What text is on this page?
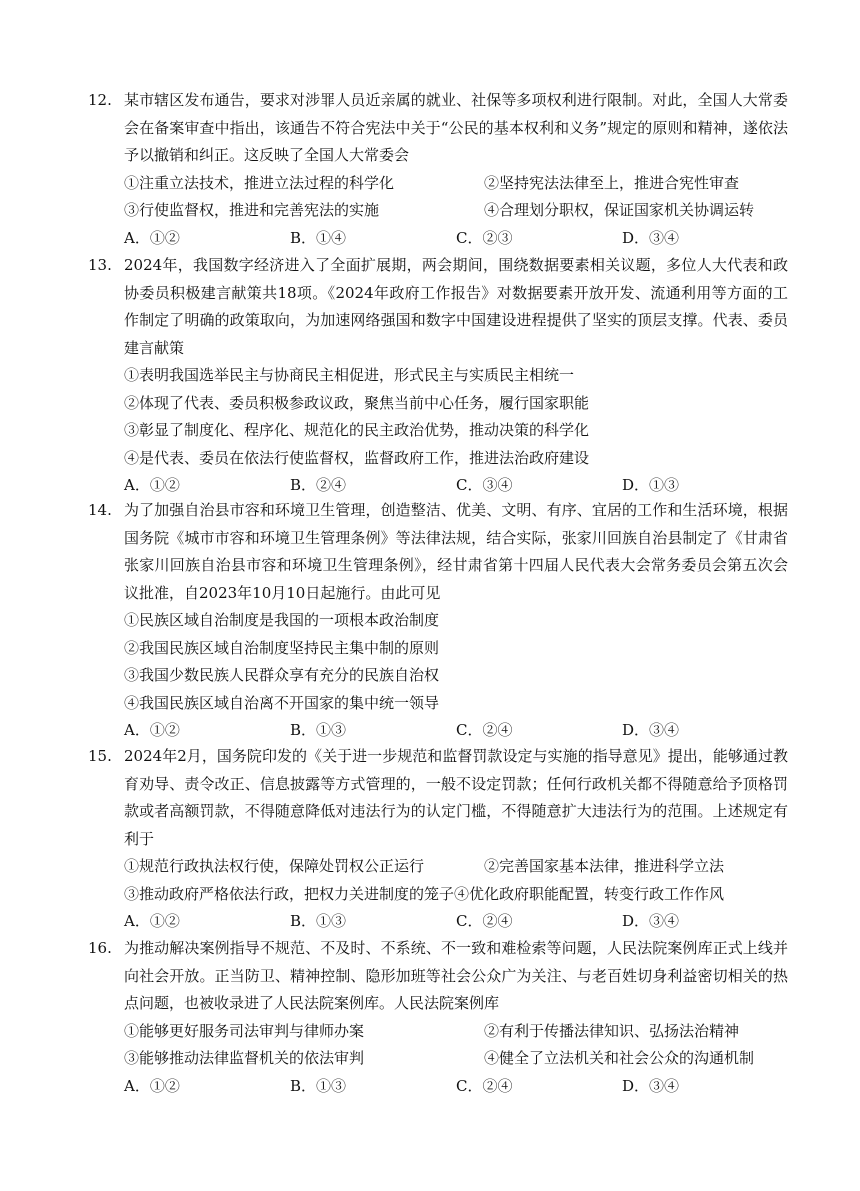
12. 某市辖区发布通告，要求对涉罪人员近亲属的就业、社保等多项权利进行限制。对此，全国人大常委会在备案审查中指出，该通告不符合宪法中关于“公民的基本权利和义务”规定的原则和精神，遂依法予以撤销和纠正。这反映了全国人大常委会
①注重立法技术，推进立法过程的科学化	②坚持宪法法律至上，推进合宪性审查
③行使监督权，推进和完善宪法的实施	④合理划分职权，保证国家机关协调运转
A．①②	B．①④	C．②③	D．③④
13. 2024年，我国数字经济进入了全面扩展期，两会期间，围绕数据要素相关议题，多位人大代表和政协委员积极建言献策共18项。《2024年政府工作报告》对数据要素开放开发、流通利用等方面的工作制定了明确的政策取向，为加速网络强国和数字中国建设进程提供了坚实的顶层支撑。代表、委员建言献策
①表明我国选举民主与协商民主相促进，形式民主与实质民主相统一
②体现了代表、委员积极参政议政，聚焦当前中心任务，履行国家职能
③彰显了制度化、程序化、规范化的民主政治优势，推动决策的科学化
④是代表、委员在依法行使监督权，监督政府工作，推进法治政府建设
A．①②	B．②④	C．③④	D．①③
14. 为了加强自治县市容和环境卫生管理，创造整洁、优美、文明、有序、宜居的工作和生活环境，根据国务院《城市市容和环境卫生管理条例》等法律法规，结合实际，张家川回族自治县制定了《甘肃省张家川回族自治县市容和环境卫生管理条例》，经甘肃省第十四届人民代表大会常务委员会第五次会议批准，自2023年10月10日起施行。由此可见
①民族区域自治制度是我国的一项根本政治制度
②我国民族区域自治制度坚持民主集中制的原则
③我国少数民族人民群众享有充分的民族自治权
④我国民族区域自治离不开国家的集中统一领导
A．①②	B．①③	C．②④	D．③④
15. 2024年2月，国务院印发的《关于进一步规范和监督罚款设定与实施的指导意见》提出，能够通过教育劝导、责令改正、信息披露等方式管理的，一般不设定罚款；任何行政机关都不得随意给予顶格罚款或者高额罚款，不得随意降低对违法行为的认定门槛，不得随意扩大违法行为的范围。上述规定有利于
①规范行政执法权行使，保障处罚权公正运行	②完善国家基本法律，推进科学立法
③推动政府严格依法行政，把权力关进制度的笼子 ④优化政府职能配置，转变行政工作作风
A．①②	B．①③	C．②④	D．③④
16. 为推动解决案例指导不规范、不及时、不系统、不一致和难检索等问题，人民法院案例库正式上线并向社会开放。正当防卫、精神控制、隐形加班等社会公众广为关注、与老百姓切身利益密切相关的热点问题，也被收录进了人民法院案例库。人民法院案例库
①能够更好服务司法审判与律师办案	②有利于传播法律知识、弘扬法治精神
③能够推动法律监督机关的依法审判	④健全了立法机关和社会公众的沟通机制
A．①②	B．①③	C．②④	D．③④
